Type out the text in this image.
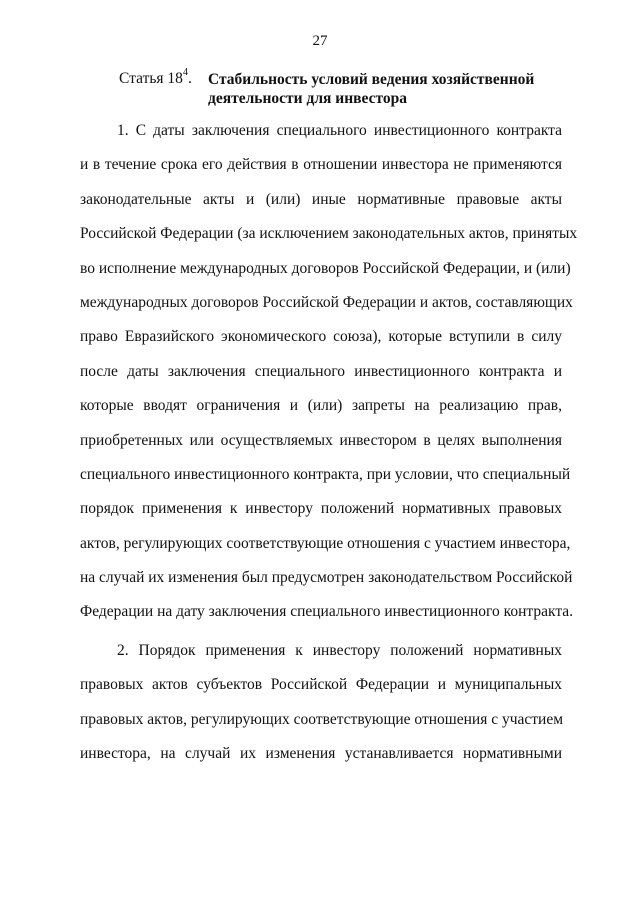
27
Статья $18^4$. Стабильность условий ведения хозяйственной
деятельности для инвестора
1. С даты заключения специального инвестиционного контракта
и в течение срока его действия в отношении инвестора не применяются
законодательные акты и (или) иные нормативные правовые акты
Российской Федерации (за исключением законодательных актов, принятых
во исполнение международных договоров Российской Федерации, и (или)
международных договоров Российской Федерации и актов, составляющих
право Евразийского экономического союза), которые вступили в силу
после даты заключения специального инвестиционного контракта и
которые вводят ограничения и (или) запреты на реализацию прав,
приобретенных или осуществляемых инвестором в целях выполнения
специального инвестиционного контракта, при условии, что специальный
порядок применения к инвестору положений нормативных правовых
актов, регулирующих соответствующие отношения с участием инвестора,
на случай их изменения был предусмотрен законодательством Российской
Федерации на дату заключения специального инвестиционного контракта.
2. Порядок применения к инвестору положений нормативных
правовых актов субъектов Российской Федерации и муниципальных
правовых актов, регулирующих соответствующие отношения с участием
инвестора, на случай их изменения устанавливается нормативными
